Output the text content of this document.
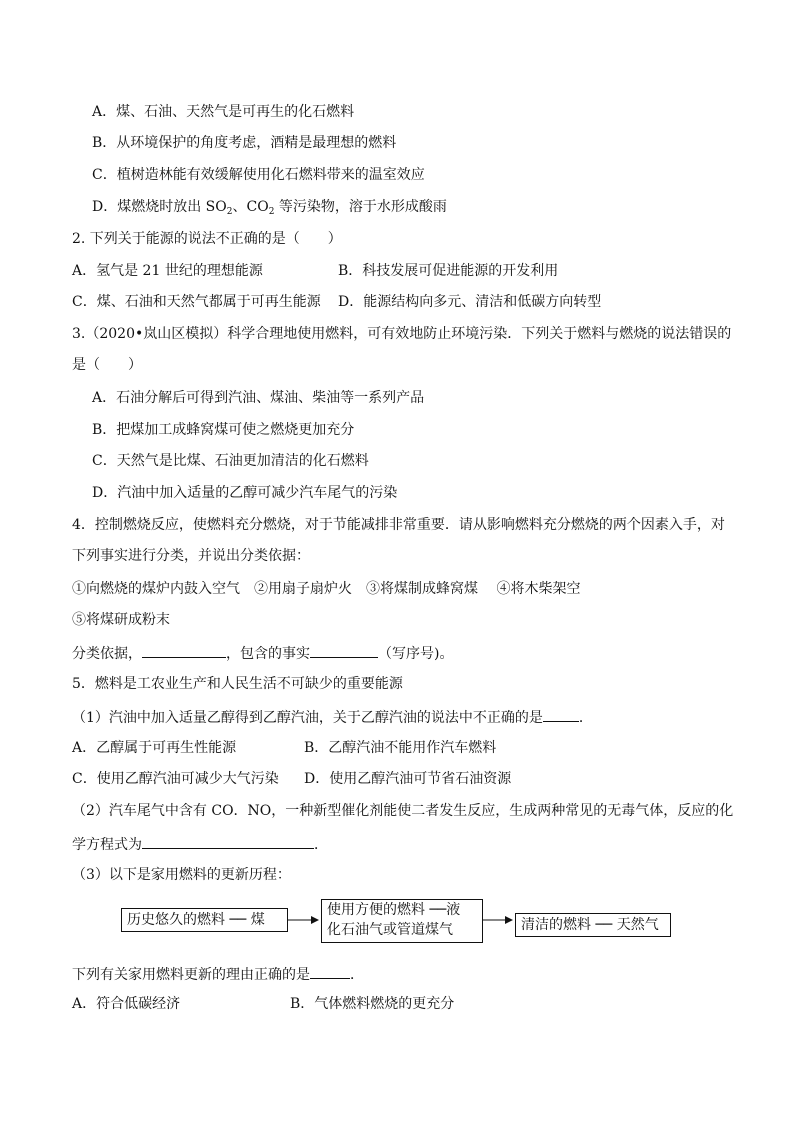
A．煤、石油、天然气是可再生的化石燃料
B．从环境保护的角度考虑，酒精是最理想的燃料
C．植树造林能有效缓解使用化石燃料带来的温室效应
D．煤燃烧时放出 $SO_2$、$CO_2$ 等污染物，溶于水形成酸雨
2. 下列关于能源的说法不正确的是（　　）
A．氢气是 21 世纪的理想能源	B．科技发展可促进能源的开发利用
C．煤、石油和天然气都属于可再生能源 D．能源结构向多元、清洁和低碳方向转型
3.（2020•岚山区模拟）科学合理地使用燃料，可有效地防止环境污染．下列关于燃料与燃烧的说法错误的
是（　　）
A．石油分解后可得到汽油、煤油、柴油等一系列产品
B．把煤加工成蜂窝煤可使之燃烧更加充分
C．天然气是比煤、石油更加清洁的化石燃料
D．汽油中加入适量的乙醇可减少汽车尾气的污染
4．控制燃烧反应，使燃料充分燃烧，对于节能减排非常重要．请从影响燃料充分燃烧的两个因素入手，对
下列事实进行分类，并说出分类依据：
①向燃烧的煤炉内鼓入空气　②用扇子扇炉火　③将煤制成蜂窝煤　 ④将木柴架空
⑤将煤研成粉末
分类依据，	，包含的事实	（写序号)。
5．燃料是工农业生产和人民生活不可缺少的重要能源
（1）汽油中加入适量乙醇得到乙醇汽油，关于乙醇汽油的说法中不正确的是	．
A．乙醇属于可再生性能源	B．乙醇汽油不能用作汽车燃料
C．使用乙醇汽油可减少大气污染 D．使用乙醇汽油可节省石油资源
（2）汽车尾气中含有 CO．NO，一种新型催化剂能使二者发生反应，生成两种常见的无毒气体，反应的化
学方程式为	．
（3）以下是家用燃料的更新历程：
历史悠久的燃料 ── 煤
使用方便的燃料 ──液
化石油气或管道煤气	清洁的燃料 ── 天然气
下列有关家用燃料更新的理由正确的是	．
A．符合低碳经济	B．气体燃料燃烧的更充分
